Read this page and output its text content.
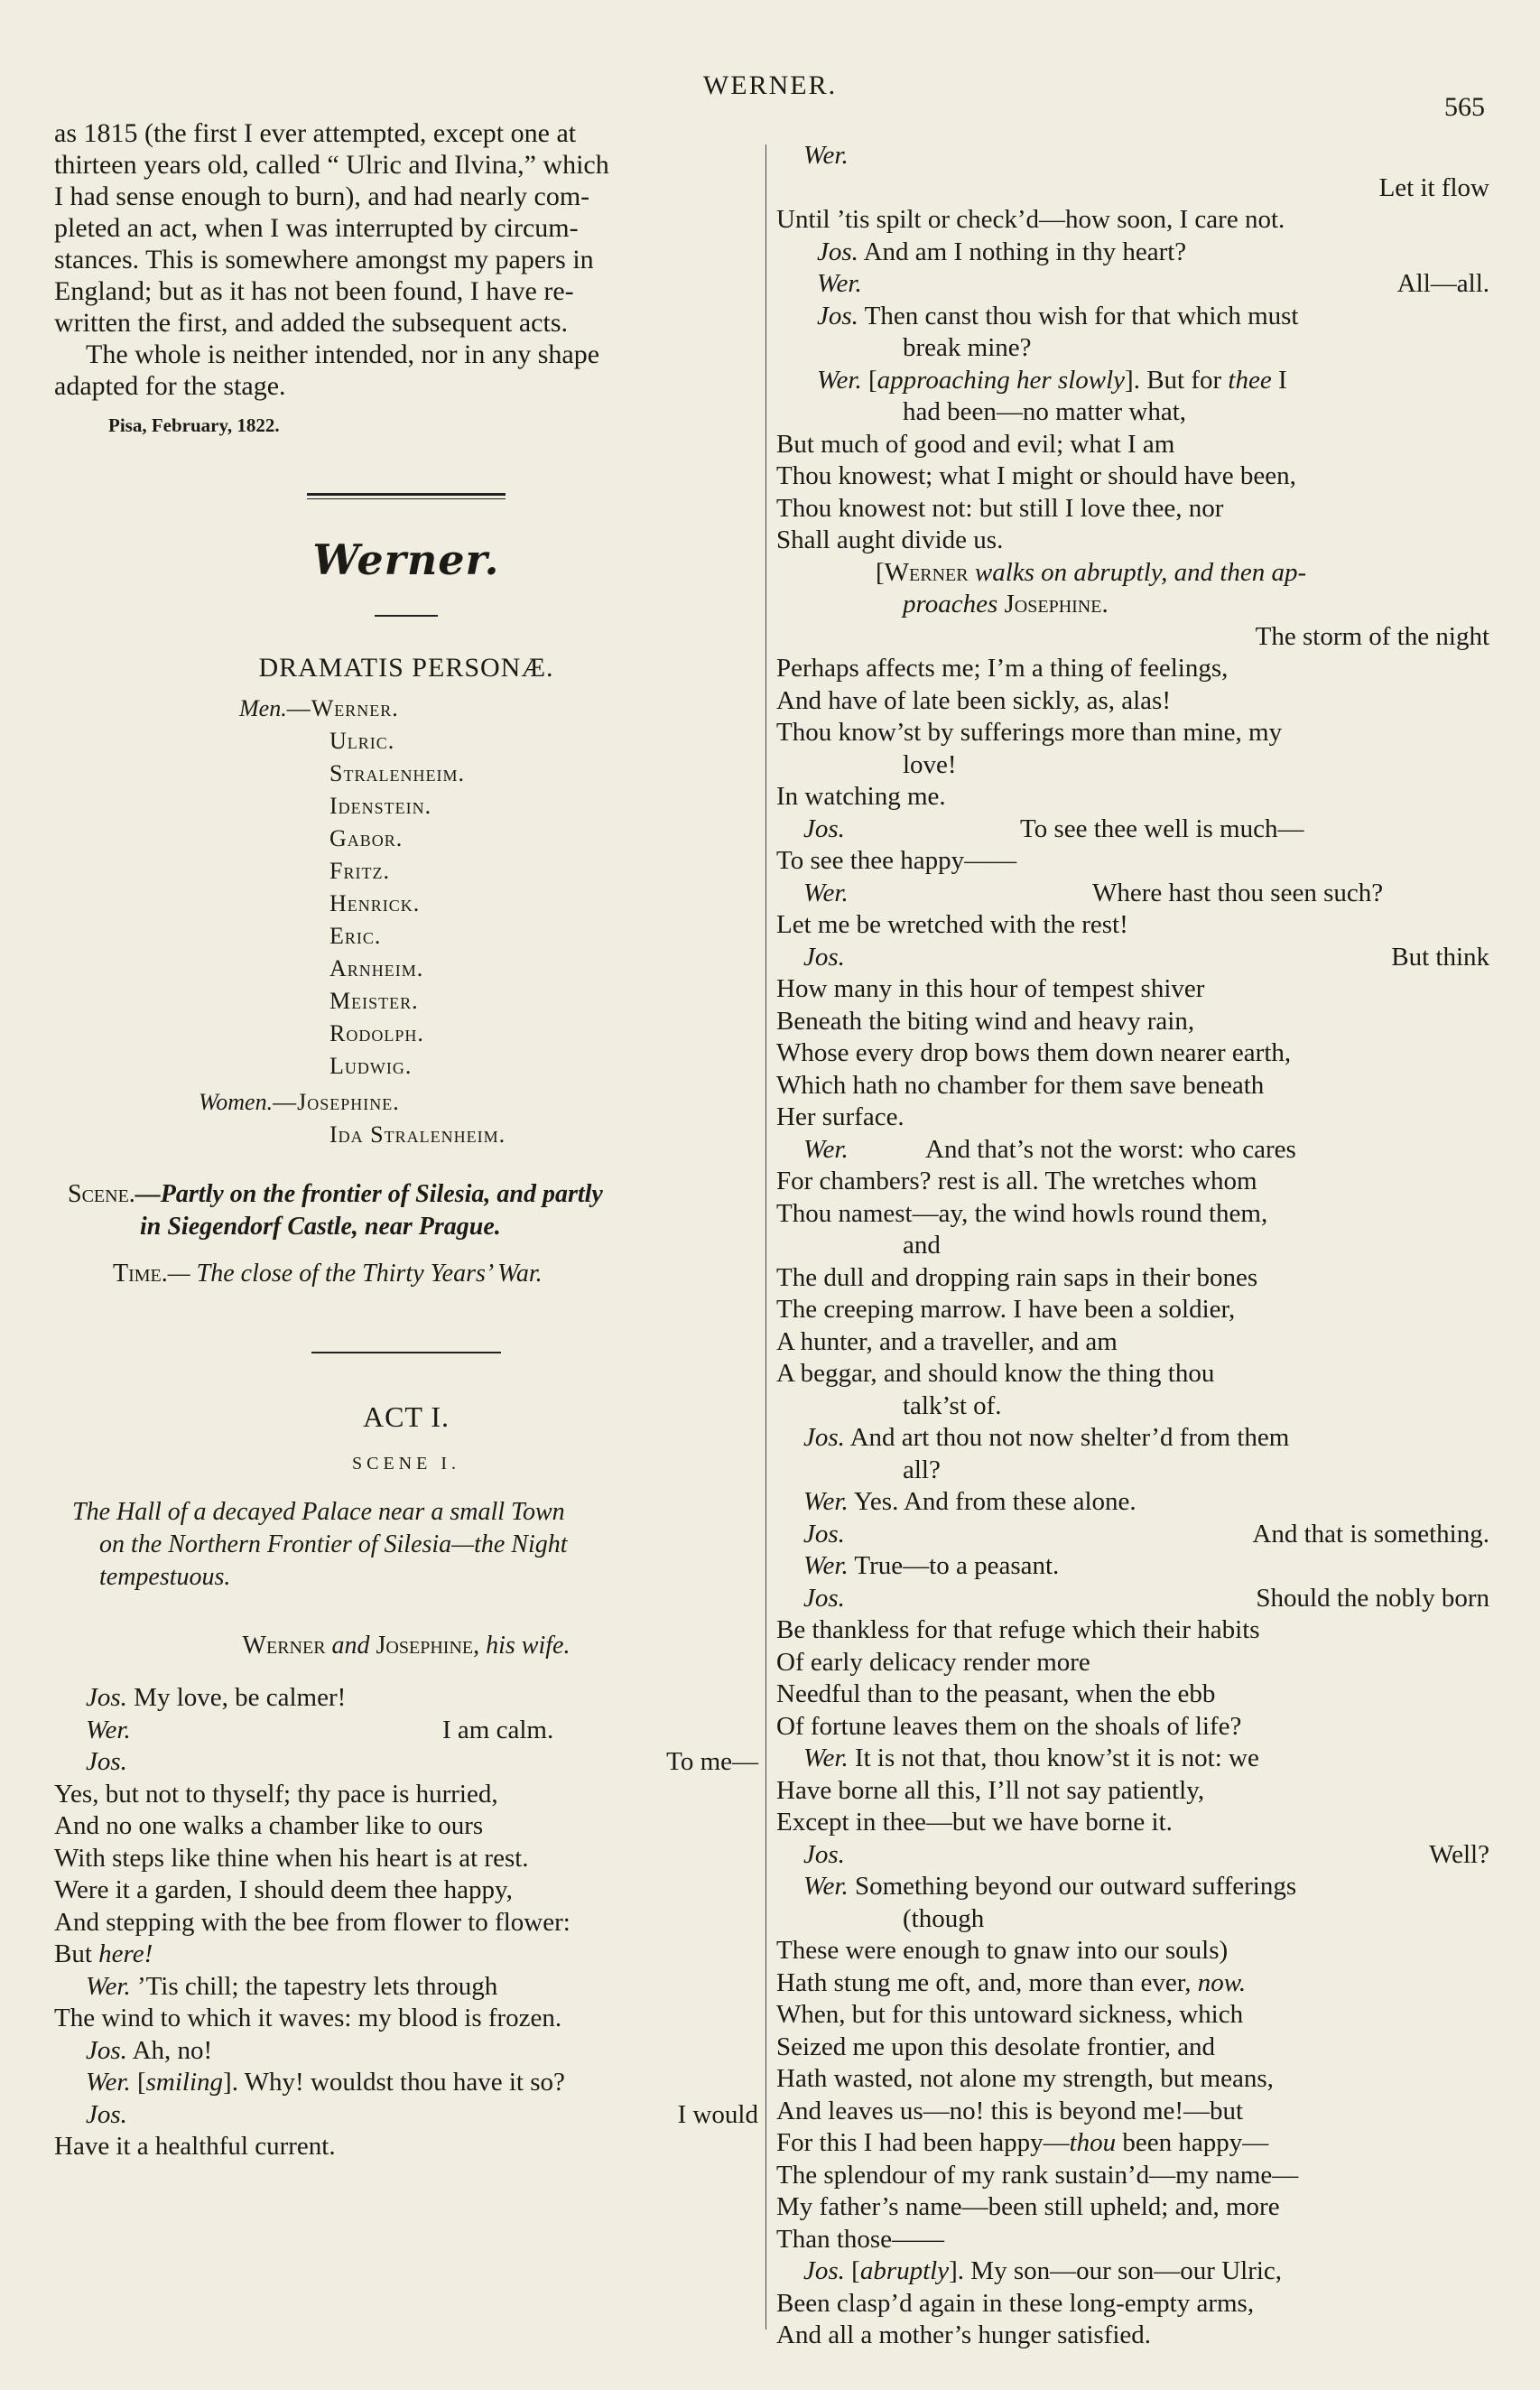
WERNER.
565
as 1815 (the first I ever attempted, except one at
thirteen years old, called “ Ulric and Ilvina,” which
I had sense enough to burn), and had nearly com-
pleted an act, when I was interrupted by circum-
stances. This is somewhere amongst my papers in
England; but as it has not been found, I have re-
written the first, and added the subsequent acts.
The whole is neither intended, nor in any shape
adapted for the stage.
Pisa, February, 1822.
Werner.
DRAMATIS PERSONÆ.
Men.—Werner.
Ulric.
Stralenheim.
Idenstein.
Gabor.
Fritz.
Henrick.
Eric.
Arnheim.
Meister.
Rodolph.
Ludwig.
Women.—Josephine.
Ida Stralenheim.
Scene.—Partly on the frontier of Silesia, and partly
in Siegendorf Castle, near Prague.
Time.— The close of the Thirty Years’ War.
ACT I.
SCENE I.
The Hall of a decayed Palace near a small Town
on the Northern Frontier of Silesia—the Night
tempestuous.
Werner and Josephine, his wife.
Jos. My love, be calmer!
Wer.	I am calm.
Jos.	To me—
Yes, but not to thyself; thy pace is hurried,
And no one walks a chamber like to ours
With steps like thine when his heart is at rest.
Were it a garden, I should deem thee happy,
And stepping with the bee from flower to flower:
But here!
Wer. ’Tis chill; the tapestry lets through
The wind to which it waves: my blood is frozen.
Jos. Ah, no!
Wer. [smiling]. Why! wouldst thou have it so?
Jos.	I would
Have it a healthful current.
Wer.
Let it flow
Until ’tis spilt or check’d—how soon, I care not.
Jos. And am I nothing in thy heart?
Wer.	All—all.
Jos. Then canst thou wish for that which must
break mine?
Wer. [approaching her slowly]. But for thee I
had been—no matter what,
But much of good and evil; what I am
Thou knowest; what I might or should have been,
Thou knowest not: but still I love thee, nor
Shall aught divide us.
[Werner walks on abruptly, and then ap-
proaches Josephine.
The storm of the night
Perhaps affects me; I’m a thing of feelings,
And have of late been sickly, as, alas!
Thou know’st by sufferings more than mine, my
love!
In watching me.
Jos.	To see thee well is much—
To see thee happy——
Wer.	Where hast thou seen such?
Let me be wretched with the rest!
Jos.	But think
How many in this hour of tempest shiver
Beneath the biting wind and heavy rain,
Whose every drop bows them down nearer earth,
Which hath no chamber for them save beneath
Her surface.
Wer.	And that’s not the worst: who cares
For chambers? rest is all. The wretches whom
Thou namest—ay, the wind howls round them,
and
The dull and dropping rain saps in their bones
The creeping marrow. I have been a soldier,
A hunter, and a traveller, and am
A beggar, and should know the thing thou
talk’st of.
Jos. And art thou not now shelter’d from them
all?
Wer. Yes. And from these alone.
Jos.	And that is something.
Wer. True—to a peasant.
Jos.	Should the nobly born
Be thankless for that refuge which their habits
Of early delicacy render more
Needful than to the peasant, when the ebb
Of fortune leaves them on the shoals of life?
Wer. It is not that, thou know’st it is not: we
Have borne all this, I’ll not say patiently,
Except in thee—but we have borne it.
Jos.	Well?
Wer. Something beyond our outward sufferings
(though
These were enough to gnaw into our souls)
Hath stung me oft, and, more than ever, now.
When, but for this untoward sickness, which
Seized me upon this desolate frontier, and
Hath wasted, not alone my strength, but means,
And leaves us—no! this is beyond me!—but
For this I had been happy—thou been happy—
The splendour of my rank sustain’d—my name—
My father’s name—been still upheld; and, more
Than those——
Jos. [abruptly]. My son—our son—our Ulric,
Been clasp’d again in these long-empty arms,
And all a mother’s hunger satisfied.
